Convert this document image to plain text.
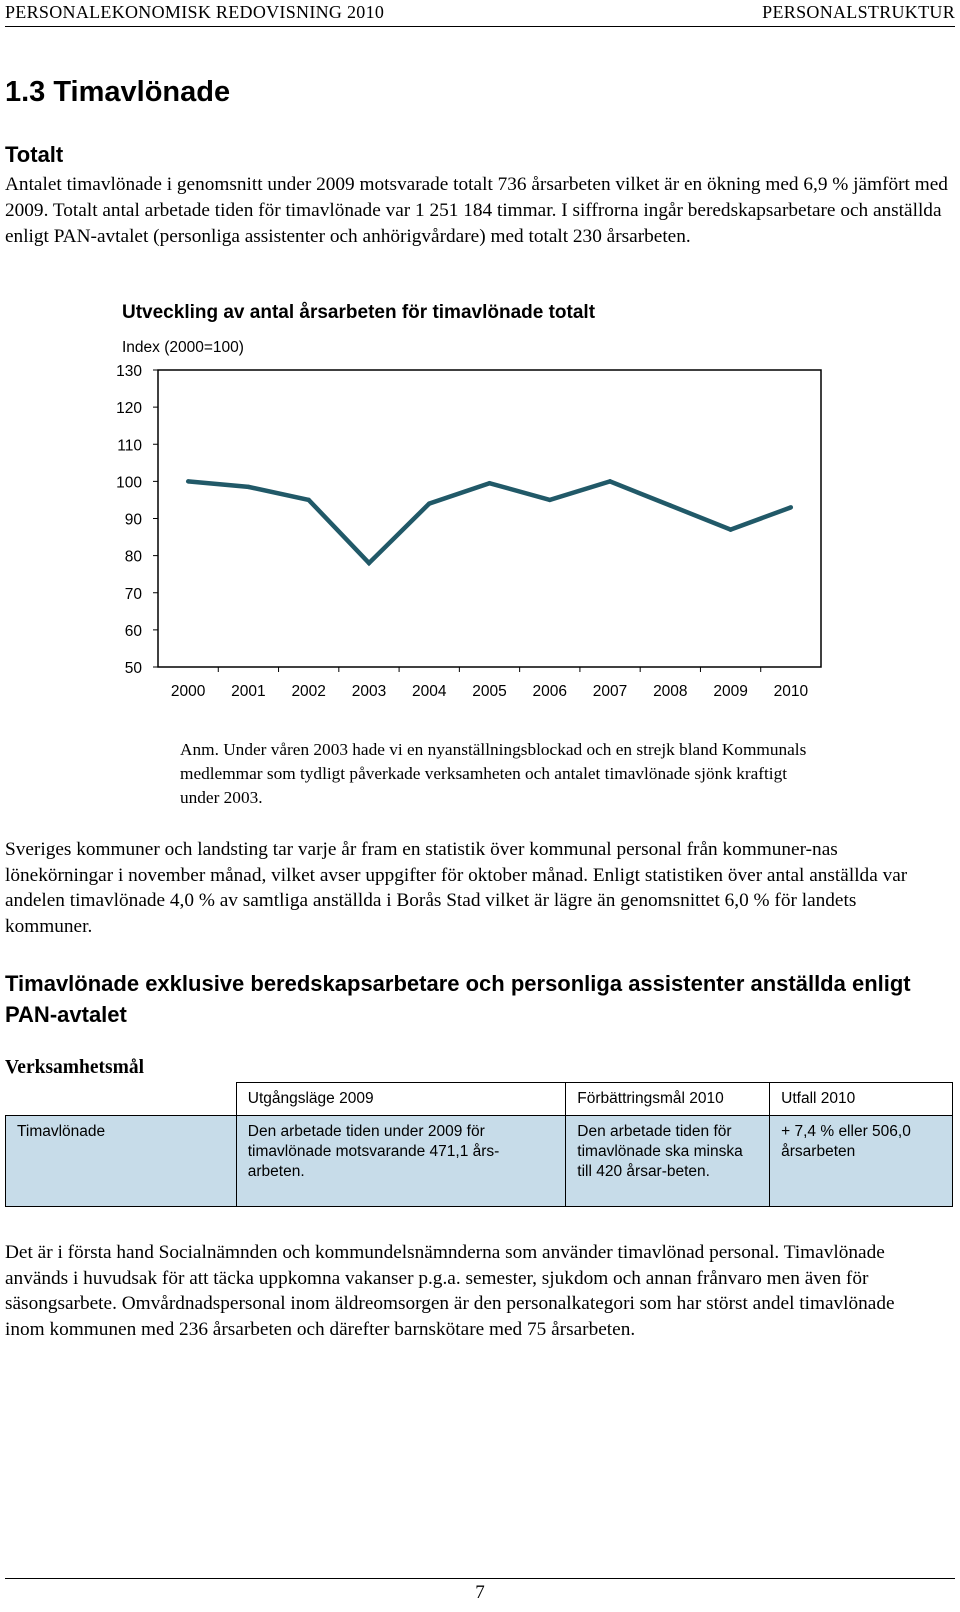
PERSONALEKONOMISK REDOVISNING 2010	PERSONALSTRUKTUR
1.3 Timavlönade
Totalt
Antalet timavlönade i genomsnitt under 2009 motsvarade totalt 736 årsarbeten vilket är en ökning med 6,9 % jämfört med 2009. Totalt antal arbetade tiden för timavlönade var 1 251 184 timmar. I siffrorna ingår beredskapsarbetare och anställda enligt PAN-avtalet (personliga assistenter och anhörigvårdare) med totalt 230 årsarbeten.
Utveckling av antal årsarbeten för timavlönade totalt
Index (2000=100)
130
120
110
100
90
80
70
60
50
2000 2001 2002 2003 2004 2005 2006 2007 2008 2009 2010
Anm. Under våren 2003 hade vi en nyanställningsblockad och en strejk bland Kommunals medlemmar som tydligt påverkade verksamheten och antalet timavlönade sjönk kraftigt under 2003.
Sveriges kommuner och landsting tar varje år fram en statistik över kommunal personal från kommuner-nas lönekörningar i november månad, vilket avser uppgifter för oktober månad. Enligt statistiken över antal anställda var andelen timavlönade 4,0 % av samtliga anställda i Borås Stad vilket är lägre än genomsnittet 6,0 % för landets kommuner.
Timavlönade exklusive beredskapsarbetare och personliga assistenter anställda enligt PAN-avtalet
Verksamhetsmål
	Utgångsläge 2009	Förbättringsmål 2010	Utfall 2010
Timavlönade	Den arbetade tiden under 2009 för timavlönade motsvarande 471,1 års-arbeten.	Den arbetade tiden för timavlönade ska minska till 420 årsar-beten.	+ 7,4 % eller 506,0 årsarbeten
Det är i första hand Socialnämnden och kommundelsnämnderna som använder timavlönad personal. Timavlönade används i huvudsak för att täcka uppkomna vakanser p.g.a. semester, sjukdom och annan frånvaro men även för säsongsarbete. Omvårdnadspersonal inom äldreomsorgen är den personalkategori som har störst andel timavlönade inom kommunen med 236 årsarbeten och därefter barnskötare med 75 årsarbeten.
7
